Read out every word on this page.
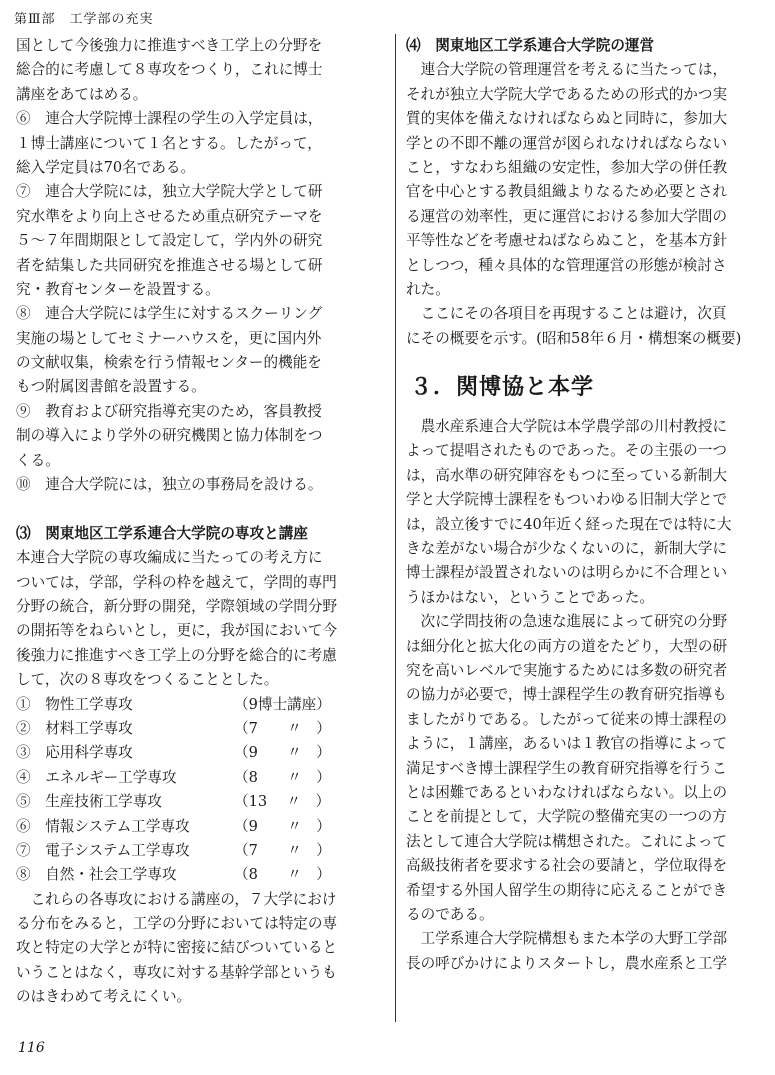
第Ⅲ部　工学部の充実
国として今後強力に推進すべき工学上の分野を
総合的に考慮して８専攻をつくり，これに博士
講座をあてはめる。
⑥　連合大学院博士課程の学生の入学定員は，
１博士講座について１名とする。したがって，
総入学定員は70名である。
⑦　連合大学院には，独立大学院大学として研
究水準をより向上させるため重点研究テーマを
５～７年間期限として設定して，学内外の研究
者を結集した共同研究を推進させる場として研
究・教育センターを設置する。
⑧　連合大学院には学生に対するスクーリング
実施の場としてセミナーハウスを，更に国内外
の文献収集，検索を行う情報センター的機能を
もつ附属図書館を設置する。
⑨　教育および研究指導充実のため，客員教授
制の導入により学外の研究機関と協力体制をつ
くる。
⑩　連合大学院には，独立の事務局を設ける。
⑶　関東地区工学系連合大学院の専攻と講座
本連合大学院の専攻編成に当たっての考え方に
ついては，学部，学科の枠を越えて，学問的専門
分野の統合，新分野の開発，学際領域の学問分野
の開拓等をねらいとし，更に，我が国において今
後強力に推進すべき工学上の分野を総合的に考慮
して，次の８専攻をつくることとした。
①　物性工学専攻	（9博士講座）
②　材料工学専攻	（7　　〃　）
③　応用科学専攻	（9　　〃　）
④　エネルギー工学専攻	（8　　〃　）
⑤　生産技術工学専攻	（13　 〃　）
⑥　情報システム工学専攻	（9　　〃　）
⑦　電子システム工学専攻	（7　　〃　）
⑧　自然・社会工学専攻	（8　　〃　）
　これらの各専攻における講座の，７大学におけ
る分布をみると，工学の分野においては特定の専
攻と特定の大学とが特に密接に結びついていると
いうことはなく，専攻に対する基幹学部というも
のはきわめて考えにくい。
⑷　関東地区工学系連合大学院の運営
　連合大学院の管理運営を考えるに当たっては，
それが独立大学院大学であるための形式的かつ実
質的実体を備えなければならぬと同時に，参加大
学との不即不離の運営が図られなければならない
こと，すなわち組織の安定性，参加大学の併任教
官を中心とする教員組織よりなるため必要とされ
る運営の効率性，更に運営における参加大学間の
平等性などを考慮せねばならぬこと，を基本方針
としつつ，種々具体的な管理運営の形態が検討さ
れた。
　ここにその各項目を再現することは避け，次頁
にその概要を示す。(昭和58年６月・構想案の概要)
３．関博協と本学
　農水産系連合大学院は本学農学部の川村教授に
よって提唱されたものであった。その主張の一つ
は，高水準の研究陣容をもつに至っている新制大
学と大学院博士課程をもついわゆる旧制大学とで
は，設立後すでに40年近く経った現在では特に大
きな差がない場合が少なくないのに，新制大学に
博士課程が設置されないのは明らかに不合理とい
うほかはない，ということであった。
　次に学問技術の急速な進展によって研究の分野
は細分化と拡大化の両方の道をたどり，大型の研
究を高いレベルで実施するためには多数の研究者
の協力が必要で，博士課程学生の教育研究指導も
ましたがりである。したがって従来の博士課程の
ように，１講座，あるいは１教官の指導によって
満足すべき博士課程学生の教育研究指導を行うこ
とは困難であるといわなければならない。以上の
ことを前提として，大学院の整備充実の一つの方
法として連合大学院は構想された。これによって
高級技術者を要求する社会の要請と，学位取得を
希望する外国人留学生の期待に応えることができ
るのである。
　工学系連合大学院構想もまた本学の大野工学部
長の呼びかけによりスタートし，農水産系と工学
116
